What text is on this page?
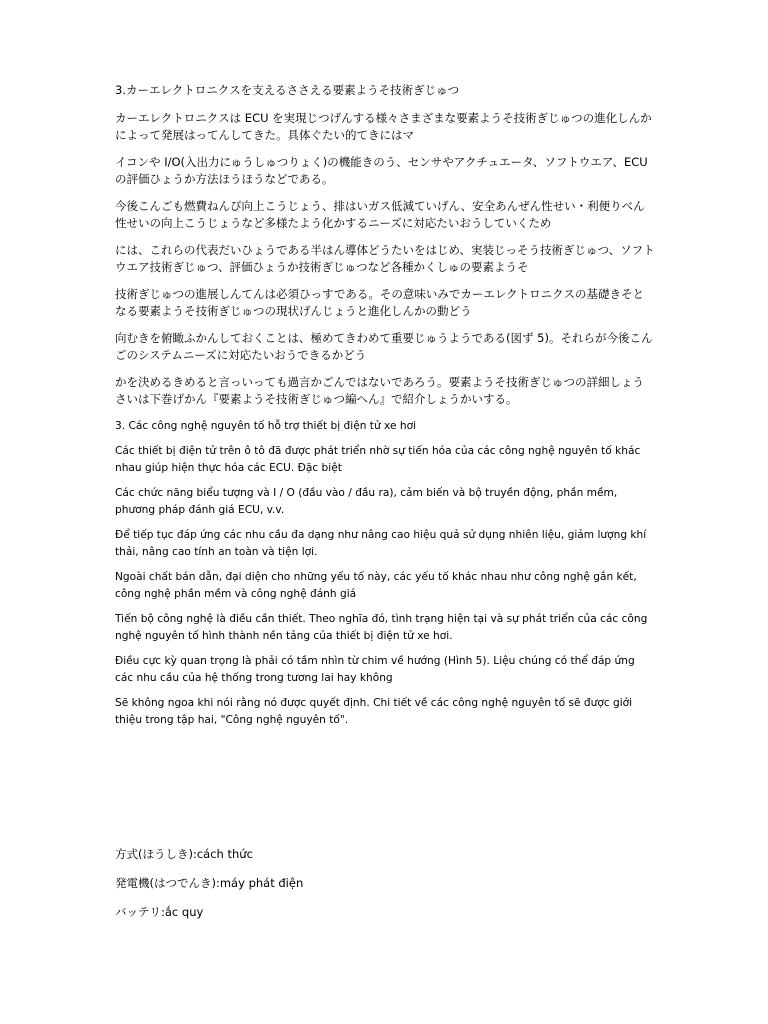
3.カーエレクトロニクスを支えるささえる要素ようそ技術ぎじゅつ

カーエレクトロニクスは ECU を実現じつげんする様々さまざまな要素ようそ技術ぎじゅつの進化しんかによって発展はってんしてきた。具体ぐたい的てきにはマ

イコンや I/O(入出力にゅうしゅつりょく)の機能きのう、センサやアクチュエータ、ソフトウエア、ECU の評価ひょうか方法ほうほうなどである。

今後こんごも燃費ねんぴ向上こうじょう、排はいガス低減ていげん、安全あんぜん性せい・利便りべん性せいの向上こうじょうなど多様たよう化かするニーズに対応たいおうしていくため

には、これらの代表だいひょうである半はん導体どうたいをはじめ、実装じっそう技術ぎじゅつ、ソフトウエア技術ぎじゅつ、評価ひょうか技術ぎじゅつなど各種かくしゅの要素ようそ

技術ぎじゅつの進展しんてんは必須ひっすである。その意味いみでカーエレクトロニクスの基礎きそとなる要素ようそ技術ぎじゅつの現状げんじょうと進化しんかの動どう

向むきを俯瞰ふかんしておくことは、極めてきわめて重要じゅうようである(図ず 5)。それらが今後こんごのシステムニーズに対応たいおうできるかどう

かを決めるきめると言っいっても過言かごんではないであろう。要素ようそ技術ぎじゅつの詳細しょうさいは下巻げかん『要素ようそ技術ぎじゅつ編へん』で紹介しょうかいする。

3. Các công nghệ nguyên tố hỗ trợ thiết bị điện tử xe hơi

Các thiết bị điện tử trên ô tô đã được phát triển nhờ sự tiến hóa của các công nghệ nguyên tố khác nhau giúp hiện thực hóa các ECU. Đặc biệt

Các chức năng biểu tượng và I / O (đầu vào / đầu ra), cảm biến và bộ truyền động, phần mềm, phương pháp đánh giá ECU, v.v.

Để tiếp tục đáp ứng các nhu cầu đa dạng như nâng cao hiệu quả sử dụng nhiên liệu, giảm lượng khí thải, nâng cao tính an toàn và tiện lợi.

Ngoài chất bán dẫn, đại diện cho những yếu tố này, các yếu tố khác nhau như công nghệ gắn kết, công nghệ phần mềm và công nghệ đánh giá

Tiến bộ công nghệ là điều cần thiết. Theo nghĩa đó, tình trạng hiện tại và sự phát triển của các công nghệ nguyên tố hình thành nền tảng của thiết bị điện tử xe hơi.

Điều cực kỳ quan trọng là phải có tầm nhìn từ chim về hướng (Hình 5). Liệu chúng có thể đáp ứng các nhu cầu của hệ thống trong tương lai hay không

Sẽ không ngoa khi nói rằng nó được quyết định. Chi tiết về các công nghệ nguyên tố sẽ được giới thiệu trong tập hai, "Công nghệ nguyên tố".

方式(ほうしき):cách thức

発電機(はつでんき):máy phát điện

バッテリ:ắc quy
